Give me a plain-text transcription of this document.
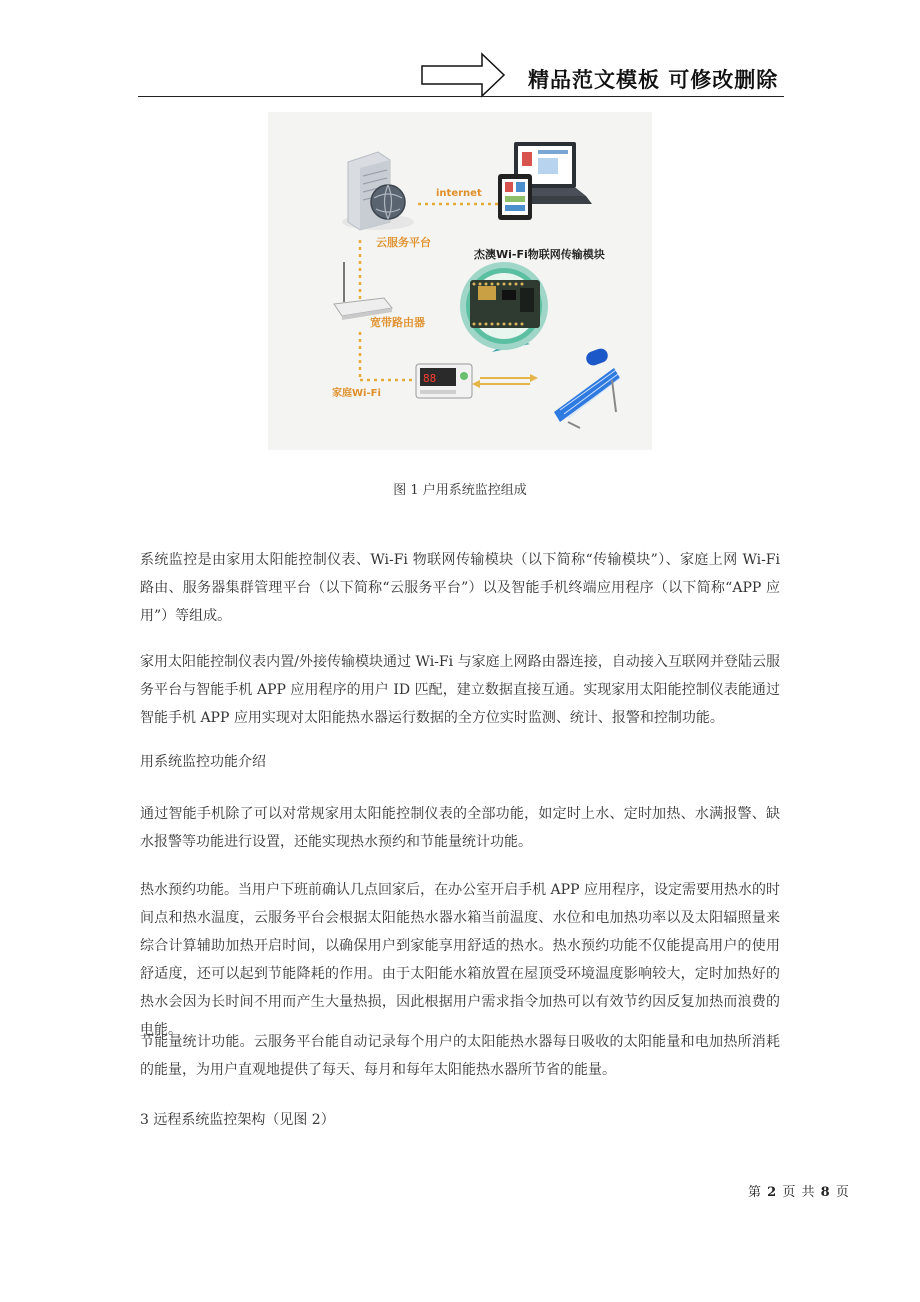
精品范文模板 可修改删除
internet
云服务平台
杰澳Wi-Fi物联网传输模块
宽带路由器
88
家庭Wi-Fi
图 1 户用系统监控组成

系统监控是由家用太阳能控制仪表、Wi-Fi 物联网传输模块（以下简称“传输模块”）、家庭上网 Wi-Fi 路由、服务器集群管理平台（以下简称“云服务平台”）以及智能手机终端应用程序（以下简称“APP 应用”）等组成。

家用太阳能控制仪表内置/外接传输模块通过 Wi-Fi 与家庭上网路由器连接，自动接入互联网并登陆云服务平台与智能手机 APP 应用程序的用户 ID 匹配，建立数据直接互通。实现家用太阳能控制仪表能通过智能手机 APP 应用实现对太阳能热水器运行数据的全方位实时监测、统计、报警和控制功能。

用系统监控功能介绍

通过智能手机除了可以对常规家用太阳能控制仪表的全部功能，如定时上水、定时加热、水满报警、缺水报警等功能进行设置，还能实现热水预约和节能量统计功能。

热水预约功能。当用户下班前确认几点回家后，在办公室开启手机 APP 应用程序，设定需要用热水的时间点和热水温度，云服务平台会根据太阳能热水器水箱当前温度、水位和电加热功率以及太阳辐照量来综合计算辅助加热开启时间，以确保用户到家能享用舒适的热水。热水预约功能不仅能提高用户的使用舒适度，还可以起到节能降耗的作用。由于太阳能水箱放置在屋顶受环境温度影响较大，定时加热好的热水会因为长时间不用而产生大量热损，因此根据用户需求指令加热可以有效节约因反复加热而浪费的电能。

节能量统计功能。云服务平台能自动记录每个用户的太阳能热水器每日吸收的太阳能量和电加热所消耗的能量，为用户直观地提供了每天、每月和每年太阳能热水器所节省的能量。

3 远程系统监控架构（见图 2）

第 2 页 共 8 页
